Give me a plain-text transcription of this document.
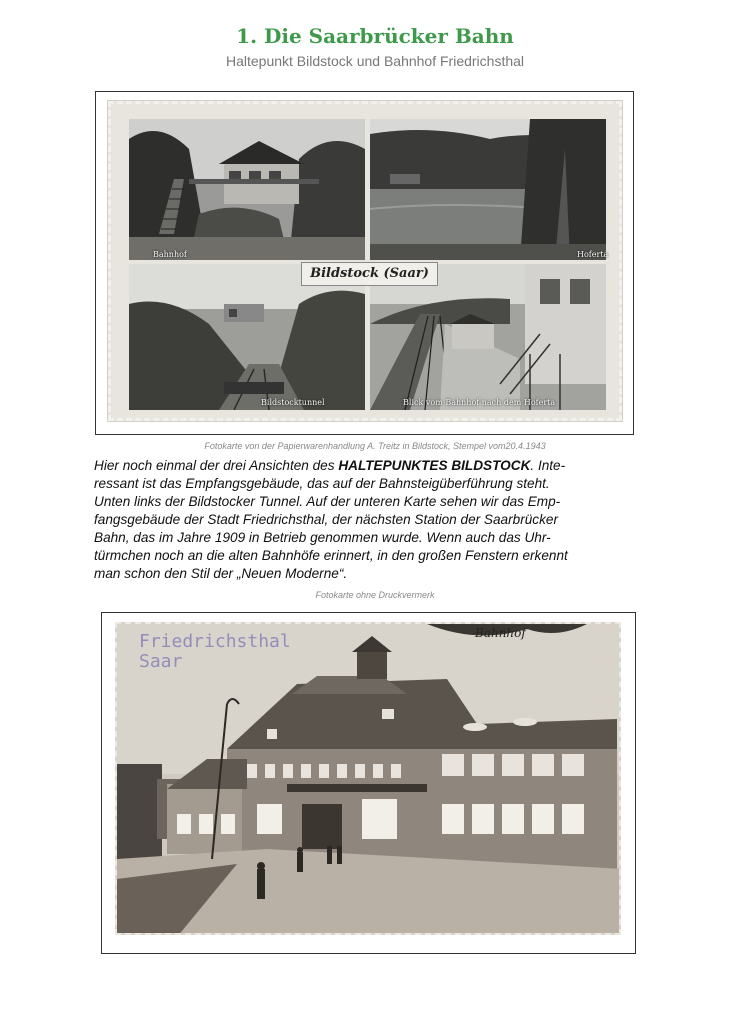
1. Die Saarbrücker Bahn
Haltepunkt Bildstock und Bahnhof Friedrichsthal
Bahnhof	Hoferta
Bildstocktunnel	Blick vom Bahnhof nach dem Hoferta
Bildstock (Saar)
Fotokarte von der Papierwarenhandlung A. Treitz in Bildstock, Stempel vom20.4.1943
Hier noch einmal der drei Ansichten des HALTEPUNKTES BILDSTOCK. Inte-
ressant ist das Empfangsgebäude, das auf der Bahnsteigüberführung steht.
Unten links der Bildstocker Tunnel. Auf der unteren Karte sehen wir das Emp-
fangsgebäude der Stadt Friedrichsthal, der nächsten Station der Saarbrücker
Bahn, das im Jahre 1909 in Betrieb genommen wurde. Wenn auch das Uhr-
türmchen noch an die alten Bahnhöfe erinnert, in den großen Fenstern erkennt
man schon den Stil der „Neuen Moderne“.
Fotokarte ohne Druckvermerk
Friedrichsthal
Saar
Bahnhof
